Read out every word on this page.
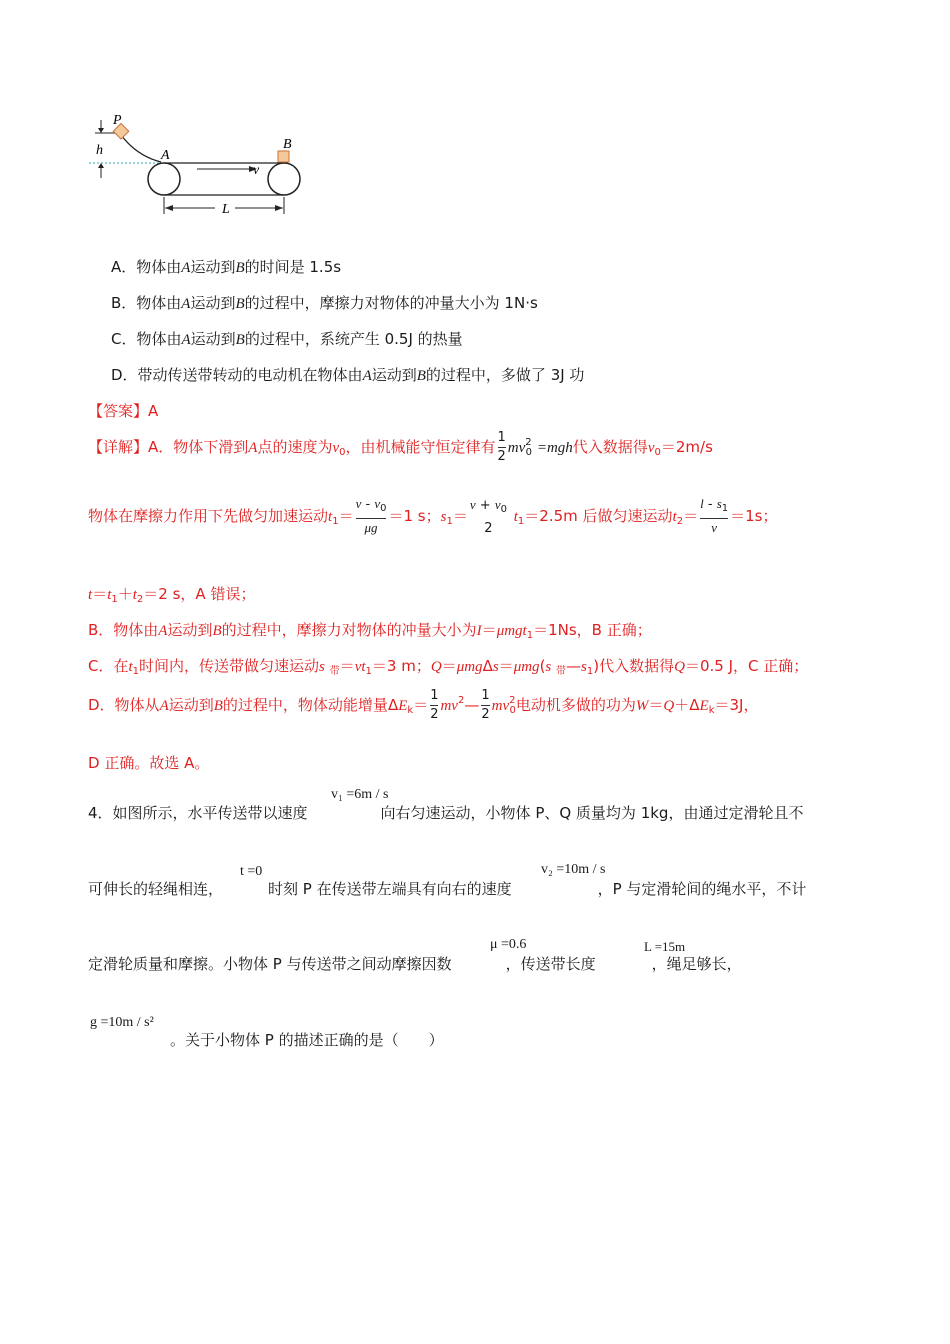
P
h	A
B
v
L
A．物体由A运动到B的时间是 1.5s
B．物体由A运动到B的过程中，摩擦力对物体的冲量大小为 1N·s
C．物体由A运动到B的过程中，系统产生 0.5J 的热量
D．带动传送带转动的电动机在物体由A运动到B的过程中，多做了 3J 功
【答案】A
【详解】A．物体下滑到A点的速度为$v_0$，由机械能守恒定律有 $\frac{1}{2} mv^2_0 =mgh$代入数据得$v_0=2m/s$
物体在摩擦力作用下先做匀加速运动$t_1= \frac{v - v_0}{\mu g} =1$ s；$s_1= \frac{v + v_0}{2} t_1=2.5m$ 后做匀速运动$t_2= \frac{l - s_1}{v} =1s$；
$t=t_1+t_2=2$ s，A 错误；
B．物体由A运动到B的过程中，摩擦力对物体的冲量大小为I＝μmgt$_1$＝1Ns，B 正确；
C．在$t_1$时间内，传送带做匀速运动s $_带=vt_1=3$ m；Q＝μmgΔs＝μmg(s $_带—s_1$)代入数据得Q＝0.5 J，C 正确；
D．物体从A运动到B的过程中，物体动能增量$\Delta E_k= \frac{1}{2}$ $mv^2— \frac{1}{2} mv^2_0$电动机多做的功为$W=Q+\Delta E_k=3J$，
D 正确。故选 A。
v₁ =6m / s
4．如图所示，水平传送带以速度	向右匀速运动，小物体 P、Q 质量均为 1kg，由通过定滑轮且不
t =0	v₂ =10m / s
可伸长的轻绳相连，	时刻 P 在传送带左端具有向右的速度	，P 与定滑轮间的绳水平，不计
μ =0.6	L =15m
定滑轮质量和摩擦。小物体 P 与传送带之间动摩擦因数	，传送带长度	，绳足够长，
g =10m / s²
。关于小物体 P 的描述正确的是（　　）
